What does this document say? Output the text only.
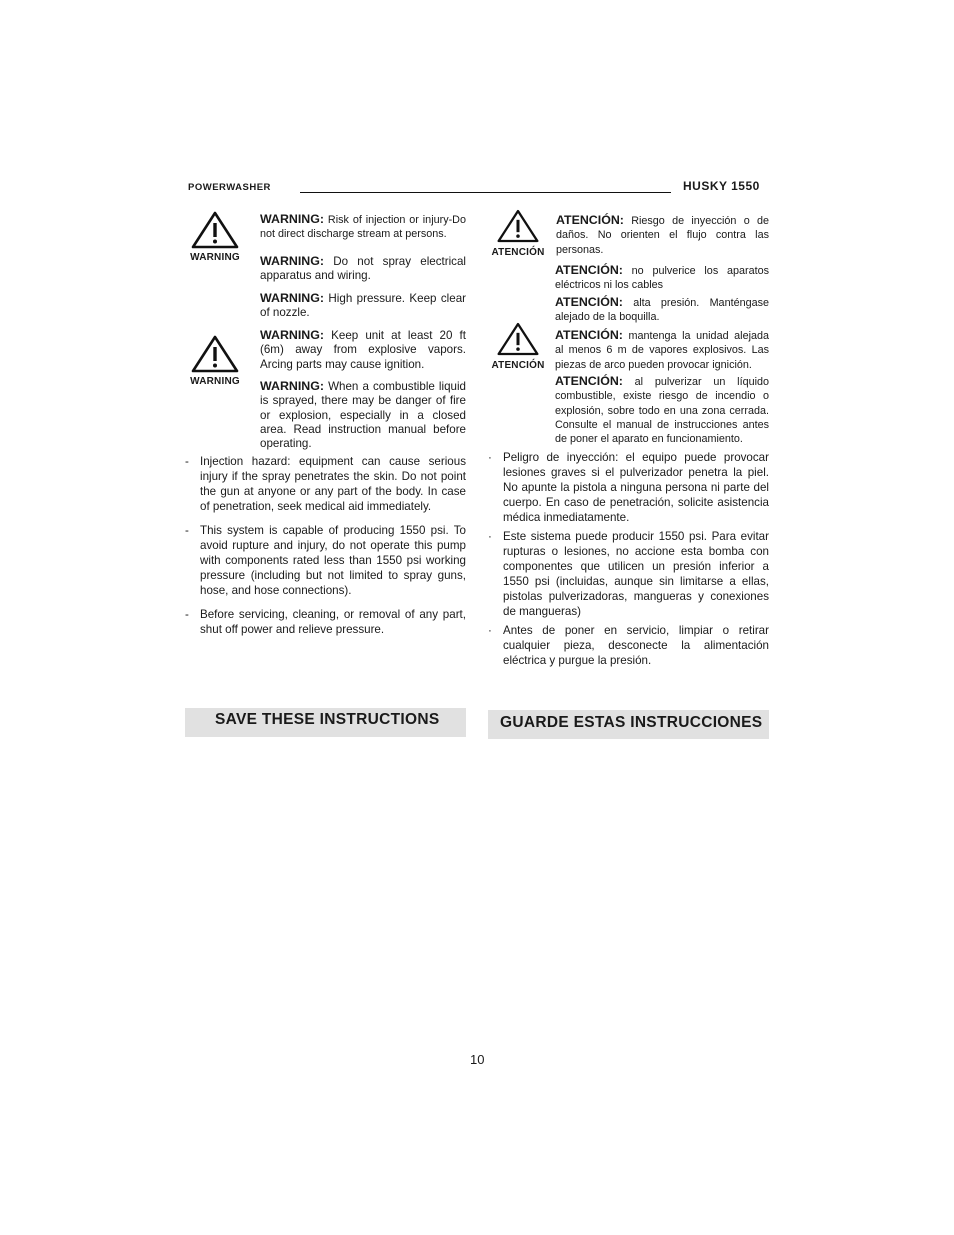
POWERWASHER	HUSKY 1550
WARNING
WARNING
WARNING: Risk of injection or injury-Do not direct discharge stream at persons.
WARNING: Do not spray electrical apparatus and wiring.
WARNING: High pressure. Keep clear of nozzle.
WARNING: Keep unit at least 20 ft (6m) away from explosive vapors. Arcing parts may cause ignition.
WARNING: When a combustible liquid is sprayed, there may be danger of fire or explosion, especially in a closed area. Read instruction manual before operating.
- Injection hazard: equipment can cause serious injury if the spray penetrates the skin. Do not point the gun at anyone or any part of the body. In case of penetration, seek medical aid immediately.
- This system is capable of producing 1550 psi. To avoid rupture and injury, do not operate this pump with components rated less than 1550 psi working pressure (including but not limited to spray guns, hose, and hose connections).
- Before servicing, cleaning, or removal of any part, shut off power and relieve pressure.
SAVE THESE INSTRUCTIONS
ATENCIÓN
ATENCIÓN
ATENCIÓN: Riesgo de inyección o de daños. No orienten el flujo contra las personas.
ATENCIÓN: no pulverice los aparatos eléctricos ni los cables
ATENCIÓN: alta presión. Manténgase alejado de la boquilla.
ATENCIÓN: mantenga la unidad alejada al menos 6 m de vapores explosivos. Las piezas de arco pueden provocar ignición.
ATENCIÓN: al pulverizar un líquido combustible, existe riesgo de incendio o explosión, sobre todo en una zona cerrada. Consulte el manual de instrucciones antes de poner el aparato en funcionamiento.
· Peligro de inyección: el equipo puede provocar lesiones graves si el pulverizador penetra la piel. No apunte la pistola a ninguna persona ni parte del cuerpo. En caso de penetración, solicite asistencia médica inmediatamente.
· Este sistema puede producir 1550 psi. Para evitar rupturas o lesiones, no accione esta bomba con componentes que utilicen un presión inferior a 1550 psi (incluidas, aunque sin limitarse a ellas, pistolas pulverizadoras, mangueras y conexiones de mangueras)
· Antes de poner en servicio, limpiar o retirar cualquier pieza, desconecte la alimentación eléctrica y purgue la presión.
GUARDE ESTAS INSTRUCCIONES
10
